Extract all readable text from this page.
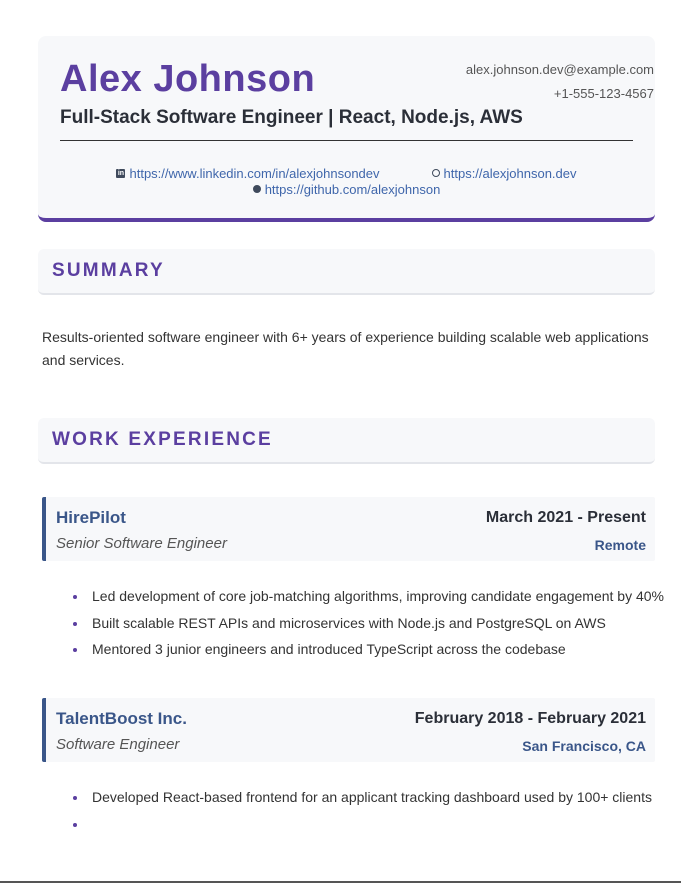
Alex Johnson
Full-Stack Software Engineer | React, Node.js, AWS
alex.johnson.dev@example.com
+1-555-123-4567
in https://www.linkedin.com/in/alexjohnsondev	https://alexjohnson.dev
https://github.com/alexjohnson
SUMMARY
Results-oriented software engineer with 6+ years of experience building scalable web applications and services.
WORK EXPERIENCE
HirePilot
Senior Software Engineer
March 2021 - Present
Remote
Led development of core job-matching algorithms, improving candidate engagement by 40%
Built scalable REST APIs and microservices with Node.js and PostgreSQL on AWS
Mentored 3 junior engineers and introduced TypeScript across the codebase
TalentBoost Inc.
Software Engineer
February 2018 - February 2021
San Francisco, CA
Developed React-based frontend for an applicant tracking dashboard used by 100+ clients
